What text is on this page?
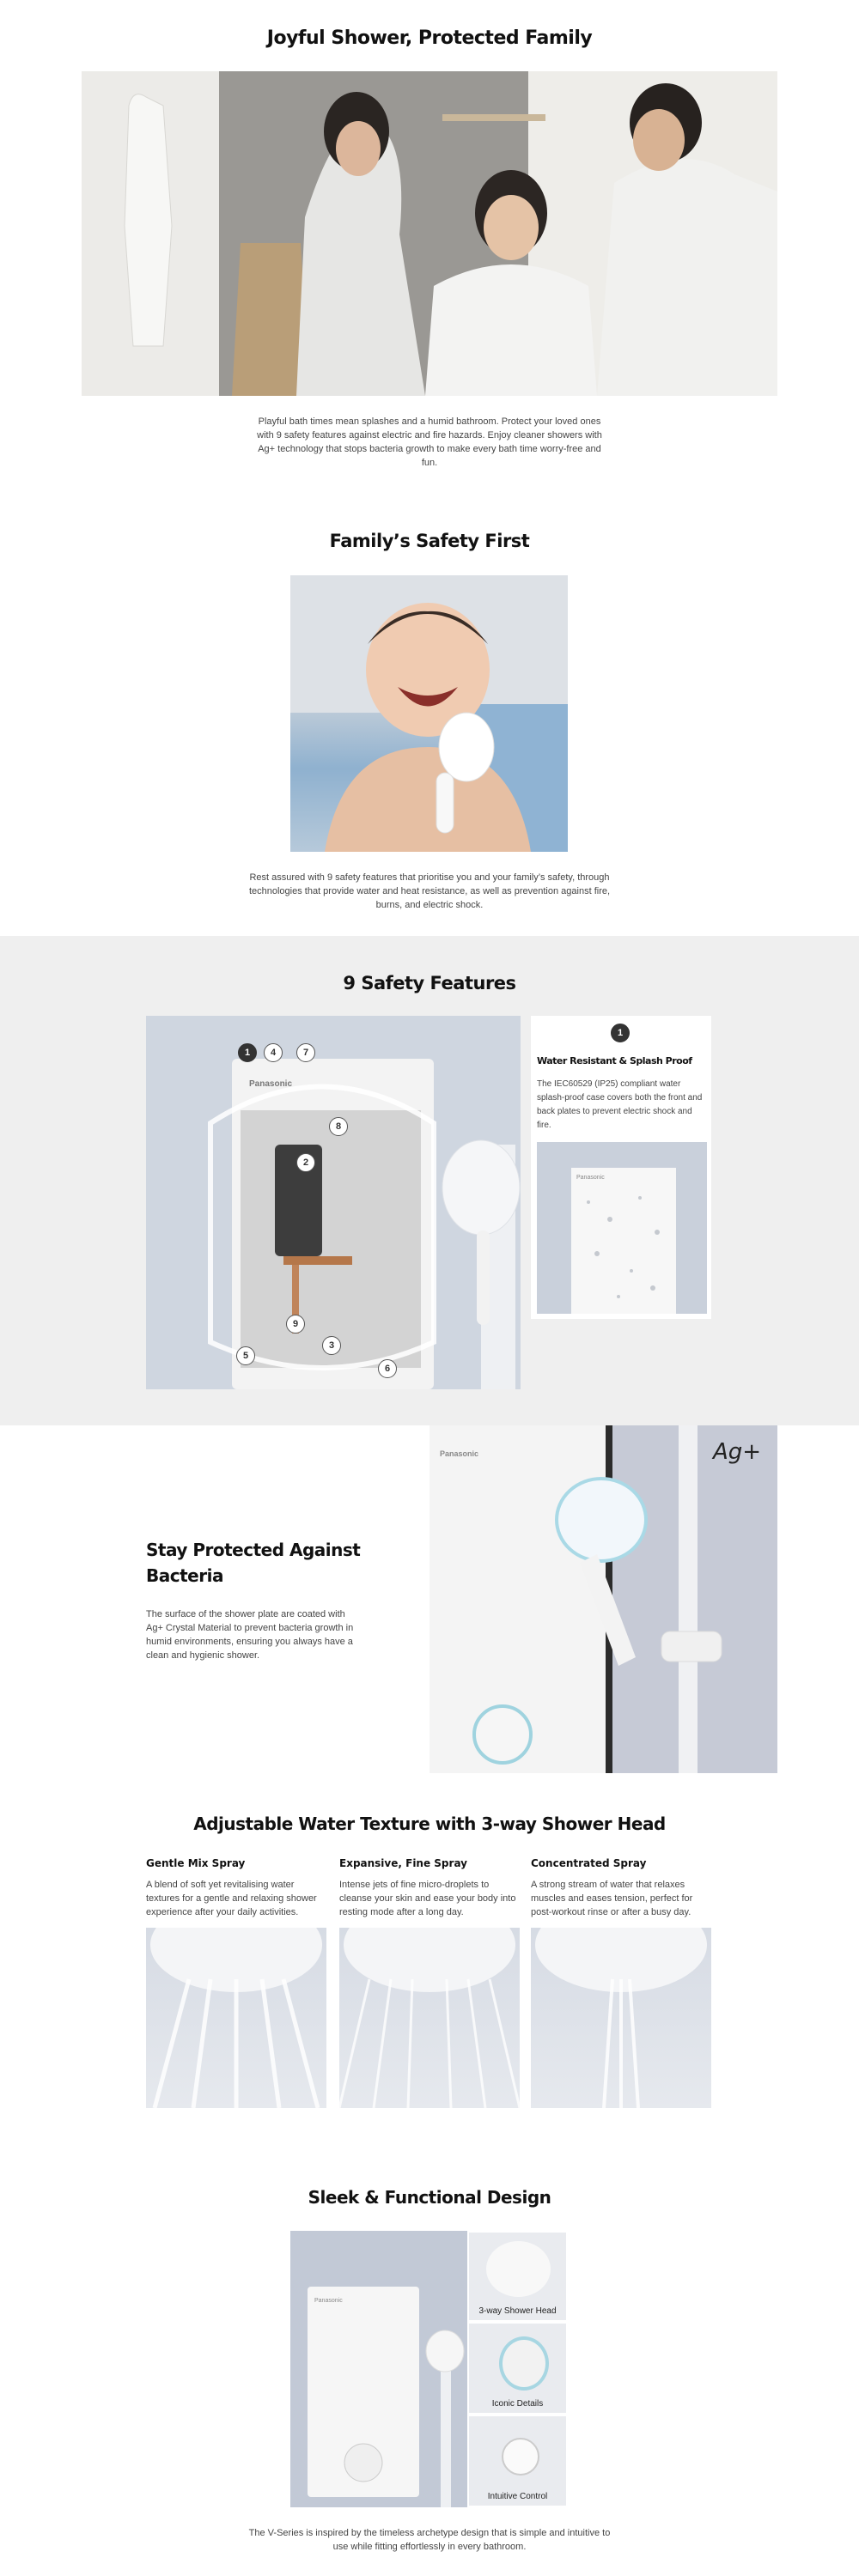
Joyful Shower, Protected Family
Playful bath times mean splashes and a humid bathroom. Protect your loved ones with 9 safety features against electric and fire hazards. Enjoy cleaner showers with Ag+ technology that stops bacteria growth to make every bath time worry-free and fun.
Family’s Safety First
Rest assured with 9 safety features that prioritise you and your family’s safety, through technologies that provide water and heat resistance, as well as prevention against fire, burns, and electric shock.
9 Safety Features
Panasonic
1	4	7
8
2
9
3
5
6
1
Water Resistant & Splash Proof
The IEC60529 (IP25) compliant water splash-proof case covers both the front and back plates to prevent electric shock and fire.
Panasonic
Stay Protected Against Bacteria
The surface of the shower plate are coated with Ag+ Crystal Material to prevent bacteria growth in humid environments, ensuring you always have a clean and hygienic shower.
Panasonic	Ag+
Adjustable Water Texture with 3-way Shower Head
Gentle Mix Spray
A blend of soft yet revitalising water textures for a gentle and relaxing shower experience after your daily activities.
Expansive, Fine Spray
Intense jets of fine micro-droplets to cleanse your skin and ease your body into resting mode after a long day.
Concentrated Spray
A strong stream of water that relaxes muscles and eases tension, perfect for post-workout rinse or after a busy day.
Sleek & Functional Design
Panasonic
3-way Shower Head
Iconic Details
Intuitive Control
The V-Series is inspired by the timeless archetype design that is simple and intuitive to use while fitting effortlessly in every bathroom.
